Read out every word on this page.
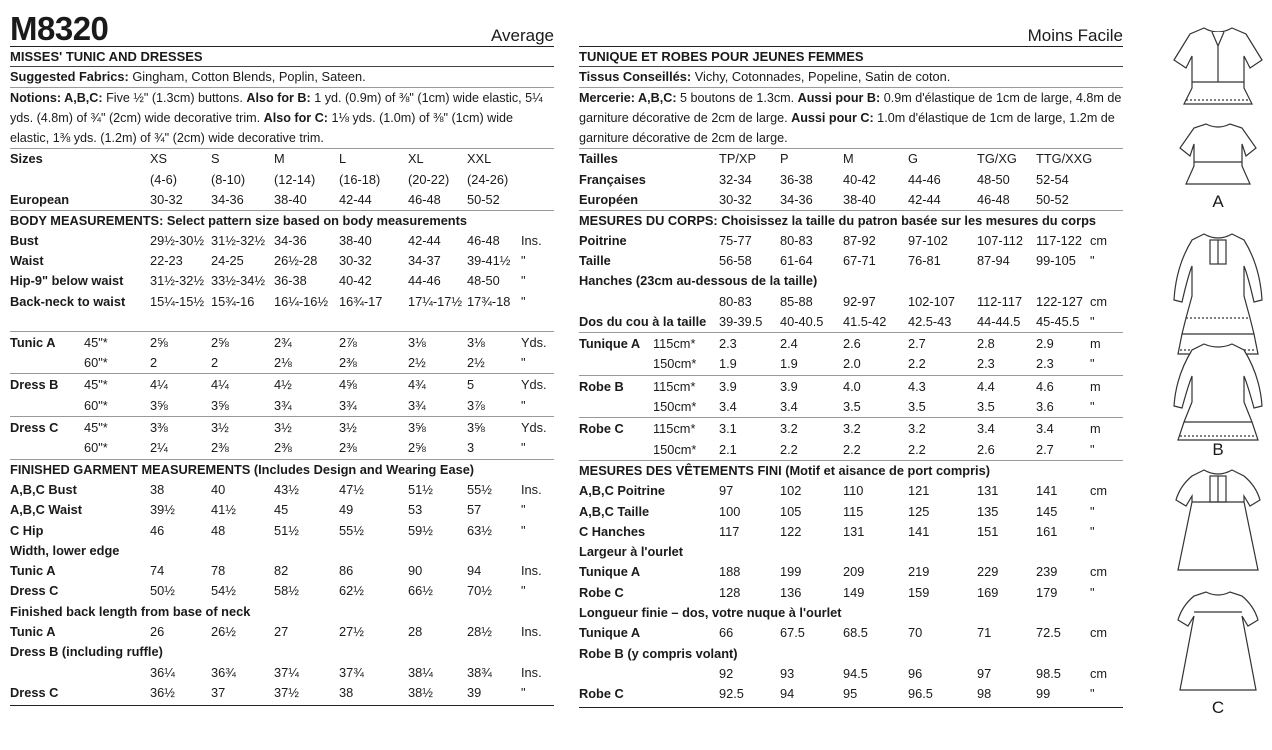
M8320	Average
MISSES' TUNIC AND DRESSES
Suggested Fabrics: Gingham, Cotton Blends, Poplin, Sateen.
Notions: A,B,C: Five ½" (1.3cm) buttons. Also for B: 1 yd. (0.9m) of ⅜" (1cm) wide elastic, 5¼ yds. (4.8m) of ¾" (2cm) wide decorative trim. Also for C: 1⅛ yds. (1.0m) of ⅜" (1cm) wide elastic, 1⅜ yds. (1.2m) of ¾" (2cm) wide decorative trim.
Sizes	XS	S	M	L	XL	XXL
(4-6)	(8-10) (12-14) (16-18) (20-22) (24-26)
European	30-32 34-36 38-40	42-44	46-48 50-52
BODY MEASUREMENTS: Select pattern size based on body measurements
Bust	29½-30½ 31½-32½ 34-36	38-40	42-44 46-48 Ins.
Waist	22-23 24-25 26½-28 30-32	34-37 39-41½ "
Hip-9" below waist 31½-32½ 33½-34½ 36-38	40-42	44-46 48-50 "
Back-neck to waist 15¼-15½ 15¾-16 16¼-16½ 16¾-17 17¼-17½ 17¾-18 "
Tunic A 45"*	2⅝	2⅝	2¾	2⅞	3⅛	3⅛	Yds.
60"*	2	2	2⅛	2⅜	2½	2½	"
Dress B 45"*	4¼	4¼	4½	4⅝	4¾	5	Yds.
60"*	3⅝	3⅝	3¾	3¾	3¾	3⅞	"
Dress C 45"*	3⅜	3½	3½	3½	3⅝	3⅝	Yds.
60"*	2¼	2⅜	2⅜	2⅜	2⅝	3	"
FINISHED GARMENT MEASUREMENTS (Includes Design and Wearing Ease)
A,B,C Bust	38	40	43½	47½	51½	55½ Ins.
A,B,C Waist	39½	41½	45	49	53	57	"
C Hip	46	48	51½	55½	59½	63½ "
Width, lower edge
Tunic A	74	78	82	86	90	94	Ins.
Dress C	50½	54½	58½	62½	66½	70½ "
Finished back length from base of neck
Tunic A	26	26½	27	27½	28	28½ Ins.
Dress B (including ruffle)
36¼	36¾	37¼	37¾	38¼	38¾ Ins.
Dress C	36½	37	37½	38	38½	39	"
Moins Facile
TUNIQUE ET ROBES POUR JEUNES FEMMES
Tissus Conseillés: Vichy, Cotonnades, Popeline, Satin de coton.
Mercerie: A,B,C: 5 boutons de 1.3cm. Aussi pour B: 0.9m d'élastique de 1cm de large, 4.8m de garniture décorative de 2cm de large. Aussi pour C: 1.0m d'élastique de 1cm de large, 1.2m de garniture décorative de 2cm de large.
Tailles	TP/XP P	M	G	TG/XG TTG/XXG
Françaises	32-34 36-38 40-42	44-46	48-50 52-54
Européen	30-32 34-36 38-40	42-44	46-48 50-52
MESURES DU CORPS: Choisissez la taille du patron basée sur les mesures du corps
Poitrine	75-77 80-83 87-92	97-102 107-112 117-122 cm
Taille	56-58 61-64 67-71	76-81	87-94 99-105 "
Hanches (23cm au-dessous de la taille)
80-83 85-88 92-97	102-107 112-117 122-127 cm
Dos du cou à la taille 39-39.5 40-40.5 41.5-42 42.5-43 44-44.5 45-45.5 "
Tunique A 115cm* 2.3	2.4	2.6	2.7	2.8	2.9	m
150cm* 1.9	1.9	2.0	2.2	2.3	2.3	"
Robe B 115cm* 3.9	3.9	4.0	4.3	4.4	4.6	m
150cm* 3.4	3.4	3.5	3.5	3.5	3.6	"
Robe C 115cm* 3.1	3.2	3.2	3.2	3.4	3.4	m
150cm* 2.1	2.2	2.2	2.2	2.6	2.7	"
MESURES DES VÊTEMENTS FINI (Motif et aisance de port compris)
A,B,C Poitrine	97	102	110	121	131	141	cm
A,B,C Taille	100	105	115	125	135	145	"
C Hanches	117	122	131	141	151	161	"
Largeur à l'ourlet
Tunique A	188	199	209	219	229	239	cm
Robe C	128	136	149	159	169	179	"
Longueur finie – dos, votre nuque à l'ourlet
Tunique A	66	67.5	68.5	70	71	72.5 cm
Robe B (y compris volant)
92	93	94.5	96	97	98.5 cm
Robe C	92.5	94	95	96.5	98	99	"
A
B
C
